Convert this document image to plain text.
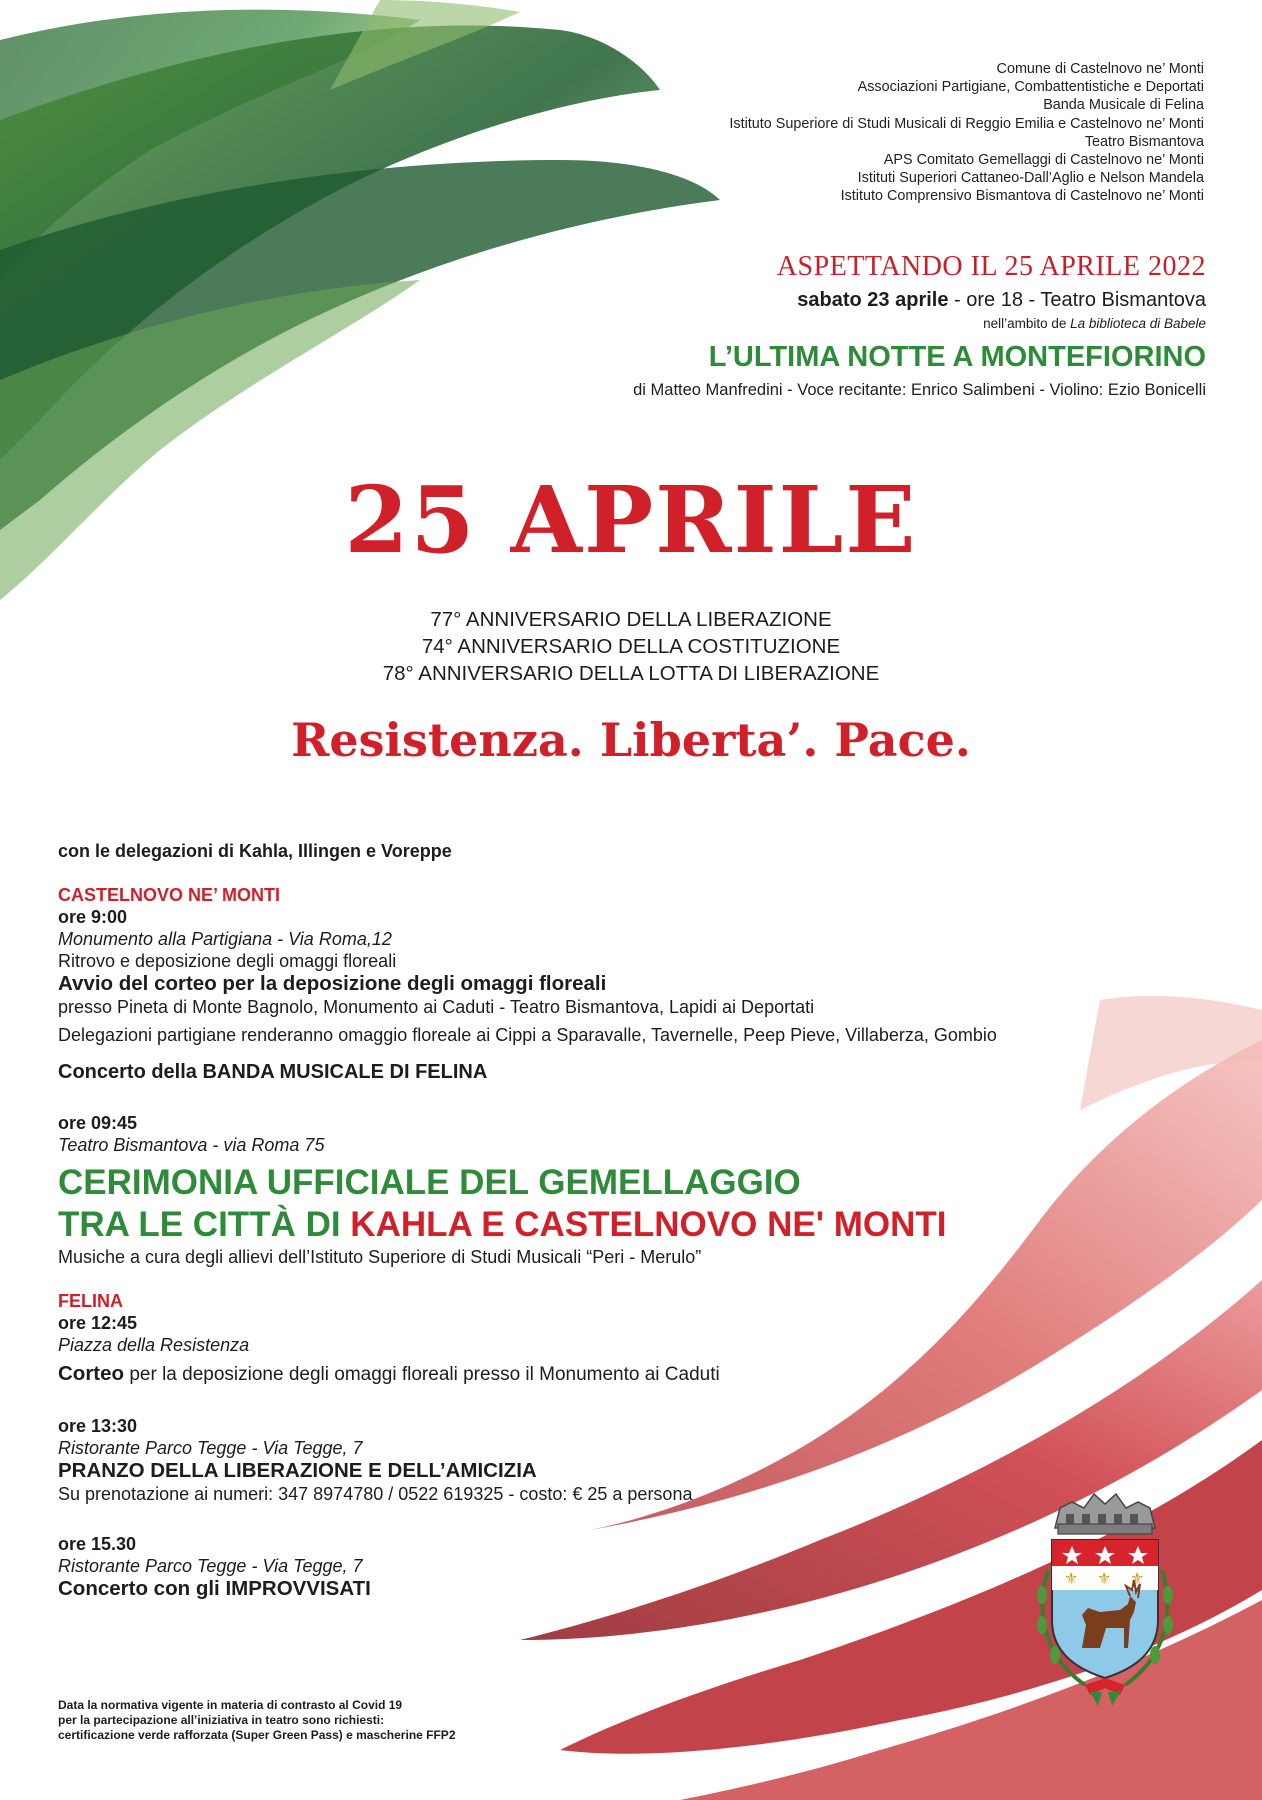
Comune di Castelnovo ne’ Monti
Associazioni Partigiane, Combattentistiche e Deportati
Banda Musicale di Felina
Istituto Superiore di Studi Musicali di Reggio Emilia e Castelnovo ne’ Monti
Teatro Bismantova
APS Comitato Gemellaggi di Castelnovo ne’ Monti
Istituti Superiori Cattaneo-Dall’Aglio e Nelson Mandela
Istituto Comprensivo Bismantova di Castelnovo ne’ Monti
ASPETTANDO IL 25 APRILE 2022
sabato 23 aprile - ore 18 - Teatro Bismantova
nell’ambito de La biblioteca di Babele
L’ULTIMA NOTTE A MONTEFIORINO
di Matteo Manfredini - Voce recitante: Enrico Salimbeni - Violino: Ezio Bonicelli
25 APRILE
77° ANNIVERSARIO DELLA LIBERAZIONE
74° ANNIVERSARIO DELLA COSTITUZIONE
78° ANNIVERSARIO DELLA LOTTA DI LIBERAZIONE
Resistenza. Liberta’. Pace.
con le delegazioni di Kahla, Illingen e Voreppe
CASTELNOVO NE’ MONTI
ore 9:00
Monumento alla Partigiana - Via Roma,12
Ritrovo e deposizione degli omaggi floreali
Avvio del corteo per la deposizione degli omaggi floreali
presso Pineta di Monte Bagnolo, Monumento ai Caduti - Teatro Bismantova, Lapidi ai Deportati
Delegazioni partigiane renderanno omaggio floreale ai Cippi a Sparavalle, Tavernelle, Peep Pieve, Villaberza, Gombio
Concerto della BANDA MUSICALE DI FELINA
ore 09:45
Teatro Bismantova - via Roma 75
CERIMONIA UFFICIALE DEL GEMELLAGGIO
TRA LE CITTÀ DI KAHLA E CASTELNOVO NE' MONTI
Musiche a cura degli allievi dell’Istituto Superiore di Studi Musicali “Peri - Merulo”
FELINA
ore 12:45
Piazza della Resistenza
Corteo per la deposizione degli omaggi floreali presso il Monumento ai Caduti
ore 13:30
Ristorante Parco Tegge - Via Tegge, 7
PRANZO DELLA LIBERAZIONE E DELL’AMICIZIA
Su prenotazione ai numeri: 347 8974780 / 0522 619325 - costo: € 25 a persona
ore 15.30
Ristorante Parco Tegge - Via Tegge, 7
Concerto con gli IMPROVVISATI
Data la normativa vigente in materia di contrasto al Covid 19
per la partecipazione all’iniziativa in teatro sono richiesti:
certificazione verde rafforzata (Super Green Pass) e mascherine FFP2
⚜ ⚜ ⚜
